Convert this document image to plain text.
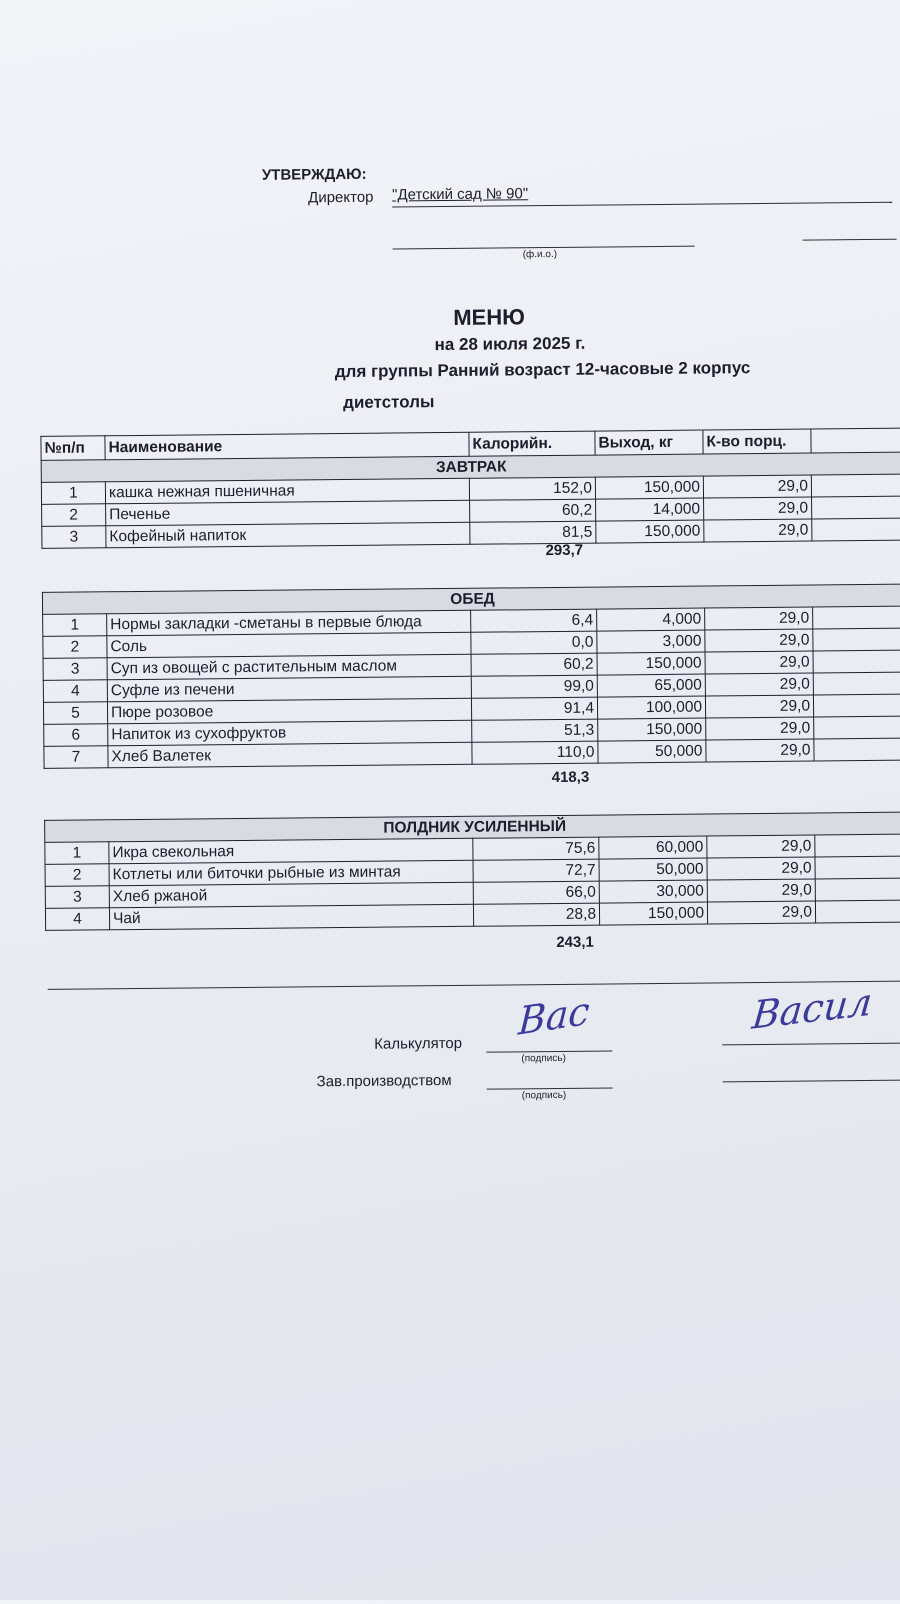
УТВЕРЖДАЮ:
Директор "Детский сад № 90"
(ф.и.о.)
МЕНЮ
на 28 июля 2025 г.
для группы Ранний возраст 12-часовые 2 корпус
диетстолы
№п/п	Наименование	Калорийн.	Выход, кг	К-во порц.	
ЗАВТРАК					
1	кашка нежная пшеничная	152,0	150,000	29,0	
2	Печенье	60,2	14,000	29,0	
3	Кофейный напиток	81,5	150,000	29,0	
293,7
ОБЕД					
1	Нормы закладки -сметаны в первые блюда	6,4	4,000	29,0	
2	Соль	0,0	3,000	29,0	
3	Суп из овощей с растительным маслом	60,2	150,000	29,0	
4	Суфле из печени	99,0	65,000	29,0	
5	Пюре розовое	91,4	100,000	29,0	
6	Напиток из сухофруктов	51,3	150,000	29,0	
7	Хлеб Валетек	110,0	50,000	29,0	
418,3
ПОЛДНИК УСИЛЕННЫЙ					
1	Икра свекольная	75,6	60,000	29,0	
2	Котлеты или биточки рыбные из минтая	72,7	50,000	29,0	
3	Хлеб ржаной	66,0	30,000	29,0	
4	Чай	28,8	150,000	29,0	
243,1
Калькулятор
(подпись)
Вас	Васил
Зав.производством
(подпись)
